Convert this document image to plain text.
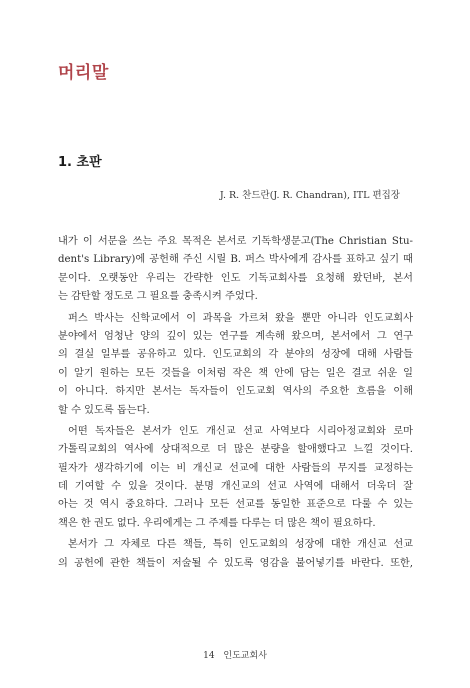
머리말
1. 초판
J. R. 찬드란(J. R. Chandran), ITL 편집장
내가 이 서문을 쓰는 주요 목적은 본서로 기독학생문고(The Christian Stu-
dent's Library)에 공헌해 주신 시릴 B. 퍼스 박사에게 감사를 표하고 싶기 때
문이다. 오랫동안 우리는 간략한 인도 기독교회사를 요청해 왔던바, 본서
는 감탄할 정도로 그 필요를 충족시켜 주었다.
퍼스 박사는 신학교에서 이 과목을 가르쳐 왔을 뿐만 아니라 인도교회사
분야에서 엄청난 양의 깊이 있는 연구를 계속해 왔으며, 본서에서 그 연구
의 결실 일부를 공유하고 있다. 인도교회의 각 분야의 성장에 대해 사람들
이 알기 원하는 모든 것들을 이처럼 작은 책 안에 담는 일은 결코 쉬운 일
이 아니다. 하지만 본서는 독자들이 인도교회 역사의 주요한 흐름을 이해
할 수 있도록 돕는다.
어떤 독자들은 본서가 인도 개신교 선교 사역보다 시리아정교회와 로마
가톨릭교회의 역사에 상대적으로 더 많은 분량을 할애했다고 느낄 것이다.
필자가 생각하기에 이는 비 개신교 선교에 대한 사람들의 무지를 교정하는
데 기여할 수 있을 것이다. 분명 개신교의 선교 사역에 대해서 더욱더 잘
아는 것 역시 중요하다. 그러나 모든 선교를 동일한 표준으로 다룰 수 있는
책은 한 권도 없다. 우리에게는 그 주제를 다루는 더 많은 책이 필요하다.
본서가 그 자체로 다른 책들, 특히 인도교회의 성장에 대한 개신교 선교
의 공헌에 관한 책들이 저술될 수 있도록 영감을 불어넣기를 바란다. 또한,
14 인도교회사
